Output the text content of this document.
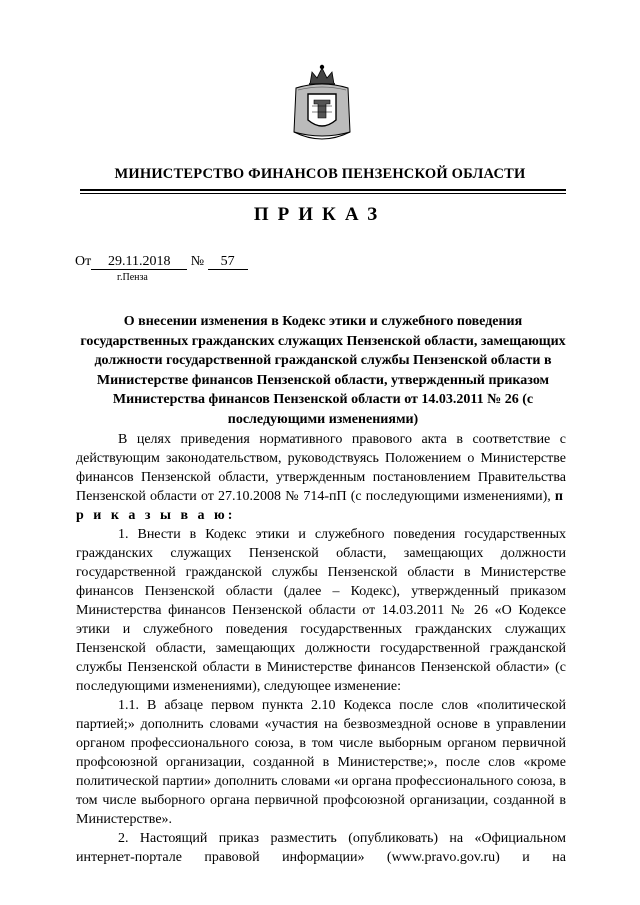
МИНИСТЕРСТВО ФИНАНСОВ ПЕНЗЕНСКОЙ ОБЛАСТИ
ПРИКАЗ
От 29.11.2018 № 57
г.Пенза
О внесении изменения в Кодекс этики и служебного поведения государственных гражданских служащих Пензенской области, замещающих должности государственной гражданской службы Пензенской области в Министерстве финансов Пензенской области, утвержденный приказом Министерства финансов Пензенской области от 14.03.2011 № 26 (с последующими изменениями)

В целях приведения нормативного правового акта в соответствие с действующим законодательством, руководствуясь Положением о Министерстве финансов Пензенской области, утвержденным постановлением Правительства Пензенской области от 27.10.2008 № 714-пП (с последующими изменениями), п р и к а з ы в а ю:

1. Внести в Кодекс этики и служебного поведения государственных гражданских служащих Пензенской области, замещающих должности государственной гражданской службы Пензенской области в Министерстве финансов Пензенской области (далее – Кодекс), утвержденный приказом Министерства финансов Пензенской области от 14.03.2011 № 26 «О Кодексе этики и служебного поведения государственных гражданских служащих Пензенской области, замещающих должности государственной гражданской службы Пензенской области в Министерстве финансов Пензенской области» (с последующими изменениями), следующее изменение:

1.1. В абзаце первом пункта 2.10 Кодекса после слов «политической партией;» дополнить словами «участия на безвозмездной основе в управлении органом профессионального союза, в том числе выборным органом первичной профсоюзной организации, созданной в Министерстве;», после слов «кроме политической партии» дополнить словами «и органа профессионального союза, в том числе выборного органа первичной профсоюзной организации, созданной в Министерстве».

2. Настоящий приказ разместить (опубликовать) на «Официальном интернет-портале правовой информации» (www.pravo.gov.ru) и на
